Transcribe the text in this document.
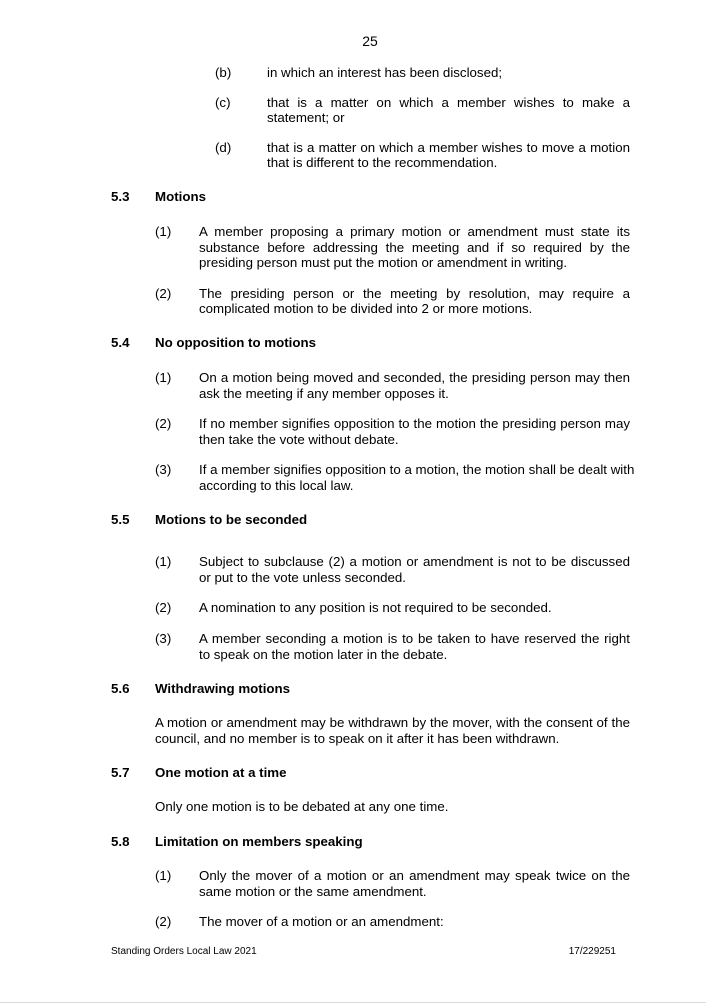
25
(b)	in which an interest has been disclosed;
(c)	that is a matter on which a member wishes to make a
statement; or
(d)	that is a matter on which a member wishes to move a motion
that is different to the recommendation.
5.3 Motions
(1) A member proposing a primary motion or amendment must state its
substance before addressing the meeting and if so required by the
presiding person must put the motion or amendment in writing.
(2) The presiding person or the meeting by resolution, may require a
complicated motion to be divided into 2 or more motions.
5.4 No opposition to motions
(1) On a motion being moved and seconded, the presiding person may then
ask the meeting if any member opposes it.
(2) If no member signifies opposition to the motion the presiding person may
then take the vote without debate.
(3) If a member signifies opposition to a motion, the motion shall be dealt with
according to this local law.
5.5 Motions to be seconded
(1) Subject to subclause (2) a motion or amendment is not to be discussed
or put to the vote unless seconded.
(2) A nomination to any position is not required to be seconded.
(3) A member seconding a motion is to be taken to have reserved the right
to speak on the motion later in the debate.
5.6 Withdrawing motions
A motion or amendment may be withdrawn by the mover, with the consent of the
council, and no member is to speak on it after it has been withdrawn.
5.7 One motion at a time
Only one motion is to be debated at any one time.
5.8 Limitation on members speaking
(1) Only the mover of a motion or an amendment may speak twice on the
same motion or the same amendment.
(2) The mover of a motion or an amendment:
Standing Orders Local Law 2021	17/229251
